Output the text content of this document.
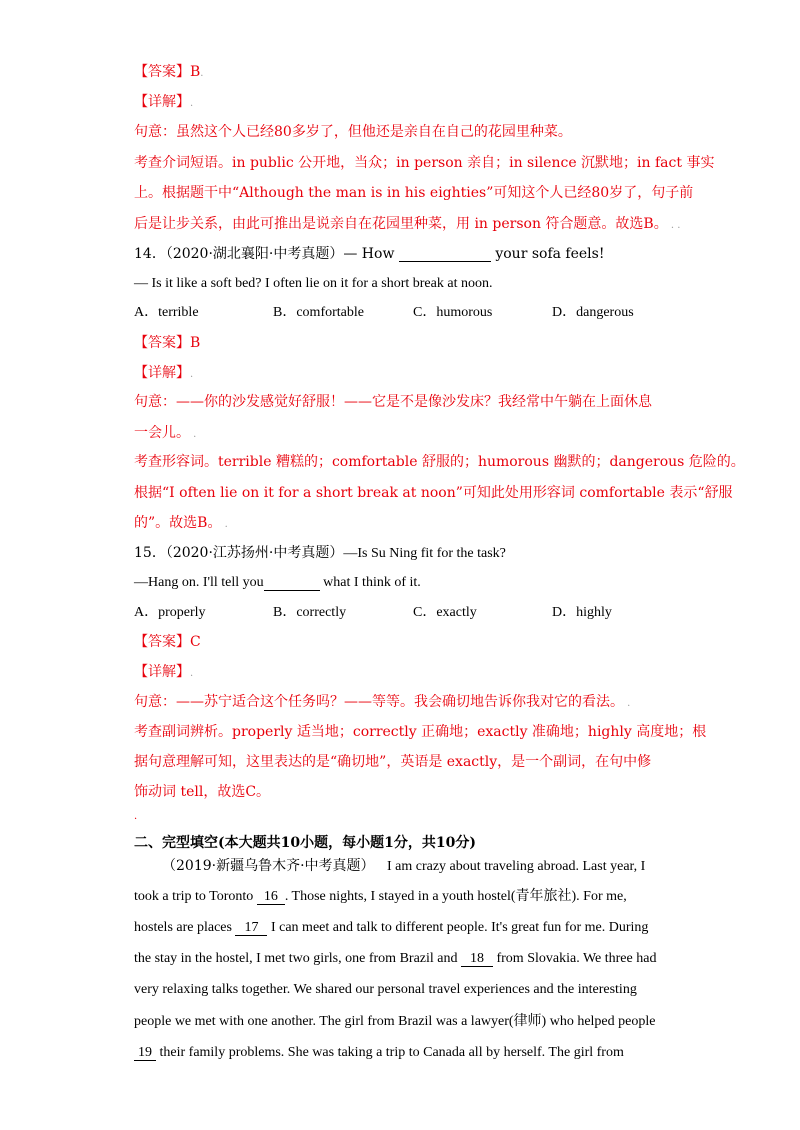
【答案】B.
【详解】.
句意：虽然这个人已经80多岁了，但他还是亲自在自己的花园里种菜。
考查介词短语。in public 公开地，当众；in person 亲自；in silence 沉默地；in fact 事实
上。根据题干中“Although the man is in his eighties”可知这个人已经80岁了，句子前
后是让步关系，由此可推出是说亲自在花园里种菜，用 in person 符合题意。故选B。 . .
14．（2020·湖北襄阳·中考真题）— How	your sofa feels!
— Is it like a soft bed? I often lie on it for a short break at noon.
A．terrible	B．comfortable	C．humorous	D．dangerous
【答案】B
【详解】.
句意：——你的沙发感觉好舒服！——它是不是像沙发床？我经常中午躺在上面休息
一会儿。 .
考查形容词。terrible 糟糕的；comfortable 舒服的；humorous 幽默的；dangerous 危险的。
根据“I often lie on it for a short break at noon”可知此处用形容词 comfortable 表示“舒服
的”。故选B。 .
15．（2020·江苏扬州·中考真题）—Is Su Ning fit for the task?
—Hang on. I'll tell you	what I think of it.
A．properly	B．correctly	C．exactly	D．highly
【答案】C
【详解】.
句意：——苏宁适合这个任务吗？——等等。我会确切地告诉你我对它的看法。 .
考查副词辨析。properly 适当地；correctly 正确地；exactly 准确地；highly 高度地；根
据句意理解可知，这里表达的是“确切地”，英语是 exactly，是一个副词，在句中修
饰动词 tell，故选C。
·
二、完型填空(本大题共10小题，每小题1分，共10分)
（2019·新疆乌鲁木齐·中考真题） I am crazy about traveling abroad. Last year, I
took a trip to Toronto 16 . Those nights, I stayed in a youth hostel(青年旅社). For me,
hostels are places 17 I can meet and talk to different people. It's great fun for me. During
the stay in the hostel, I met two girls, one from Brazil and 18 from Slovakia. We three had
very relaxing talks together. We shared our personal travel experiences and the interesting
people we met with one another. The girl from Brazil was a lawyer(律师) who helped people
19 their family problems. She was taking a trip to Canada all by herself. The girl from
